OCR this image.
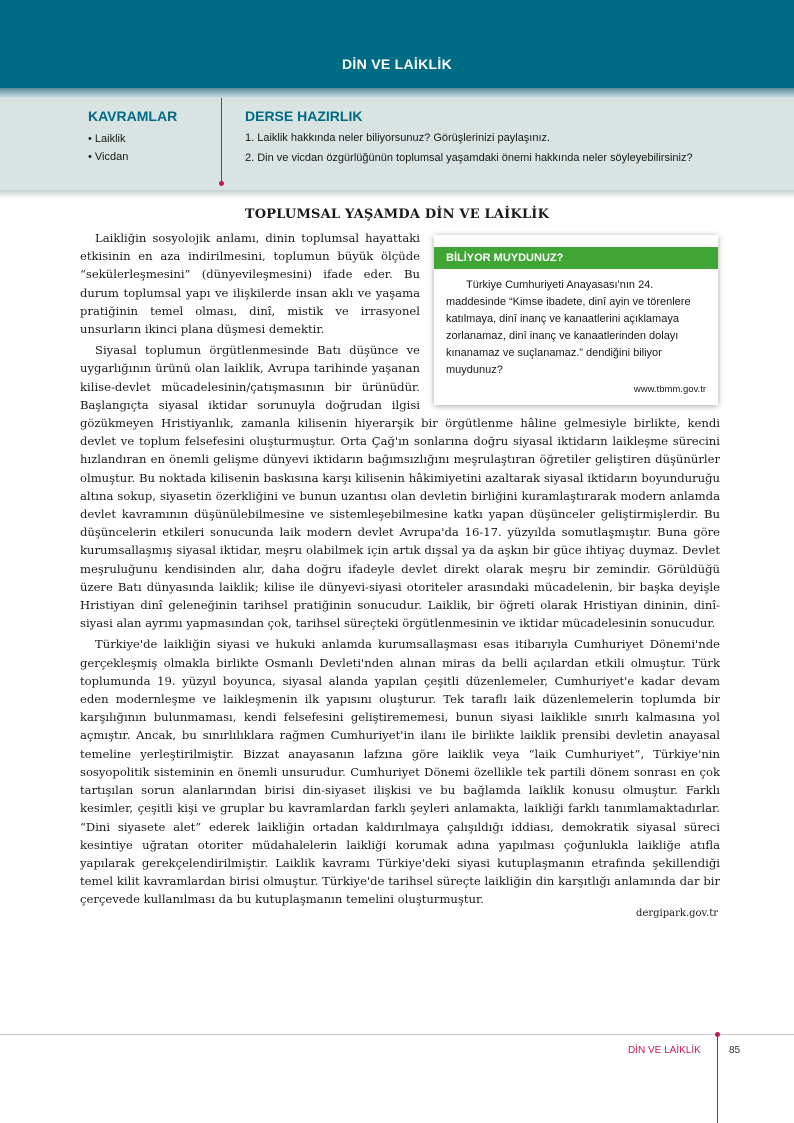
DİN VE LAİKLİK
KAVRAMLAR
• Laiklik
• Vicdan
DERSE HAZIRLIK
1. Laiklik hakkında neler biliyorsunuz? Görüşlerinizi paylaşınız.
2. Din ve vicdan özgürlüğünün toplumsal yaşamdaki önemi hakkında neler söyleyebilirsiniz?
TOPLUMSAL YAŞAMDA DİN VE LAİKLİK
BİLİYOR MUYDUNUZ?
Türkiye Cumhuriyeti Anayasası'nın 24. maddesinde “Kimse ibadete, dinî ayin ve törenlere katılmaya, dinî inanç ve kanaatlerini açıklamaya zorlanamaz, dinî inanç ve kanaatlerinden dolayı kınanamaz ve suçlanamaz.” dendiğini biliyor muydunuz?
www.tbmm.gov.tr

Laikliğin sosyolojik anlamı, dinin toplumsal hayattaki etkisinin en aza indirilmesini, toplumun büyük ölçüde “sekülerleşmesini” (dünyevileşmesini) ifade eder. Bu durum toplumsal yapı ve ilişkilerde insan aklı ve yaşama pratiğinin temel olması, dinî, mistik ve irrasyonel unsurların ikinci plana düşmesi demektir.

Siyasal toplumun örgütlenmesinde Batı düşünce ve uygarlığının ürünü olan laiklik, Avrupa tarihinde yaşanan kilise-devlet mücadelesinin/çatışmasının bir ürünüdür. Başlangıçta siyasal iktidar sorunuyla doğrudan ilgisi gözükmeyen Hristiyanlık, zamanla kilisenin hiyerarşik bir örgütlenme hâline gelmesiyle birlikte, kendi devlet ve toplum felsefesini oluşturmuştur. Orta Çağ'ın sonlarına doğru siyasal iktidarın laikleşme sürecini hızlandıran en önemli gelişme dünyevi iktidarın bağımsızlığını meşrulaştıran öğretiler geliştiren düşünürler olmuştur. Bu noktada kilisenin baskısına karşı kilisenin hâkimiyetini azaltarak siyasal iktidarın boyunduruğu altına sokup, siyasetin özerkliğini ve bunun uzantısı olan devletin birliğini kuramlaştırarak modern anlamda devlet kavramının düşünülebilmesine ve sistemleşebilmesine katkı yapan düşünceler geliştirmişlerdir. Bu düşüncelerin etkileri sonucunda laik modern devlet Avrupa'da 16-17. yüzyılda somutlaşmıştır. Buna göre kurumsallaşmış siyasal iktidar, meşru olabilmek için artık dışsal ya da aşkın bir güce ihtiyaç duymaz. Devlet meşruluğunu kendisinden alır, daha doğru ifadeyle devlet direkt olarak meşru bir zemindir. Görüldüğü üzere Batı dünyasında laiklik; kilise ile dünyevi-siyasi otoriteler arasındaki mücadelenin, bir başka deyişle Hristiyan dinî geleneğinin tarihsel pratiğinin sonucudur. Laiklik, bir öğreti olarak Hristiyan dininin, dinî-siyasi alan ayrımı yapmasından çok, tarihsel süreçteki örgütlenmesinin ve iktidar mücadelesinin sonucudur.

Türkiye'de laikliğin siyasi ve hukuki anlamda kurumsallaşması esas itibarıyla Cumhuriyet Dönemi'nde gerçekleşmiş olmakla birlikte Osmanlı Devleti'nden alınan miras da belli açılardan etkili olmuştur. Türk toplumunda 19. yüzyıl boyunca, siyasal alanda yapılan çeşitli düzenlemeler, Cumhuriyet'e kadar devam eden modernleşme ve laikleşmenin ilk yapısını oluşturur. Tek taraflı laik düzenlemelerin toplumda bir karşılığının bulunmaması, kendi felsefesini geliştirememesi, bunun siyasi laiklikle sınırlı kalmasına yol açmıştır. Ancak, bu sınırlılıklara rağmen Cumhuriyet'in ilanı ile birlikte laiklik prensibi devletin anayasal temeline yerleştirilmiştir. Bizzat anayasanın lafzına göre laiklik veya “laik Cumhuriyet”, Türkiye'nin sosyopolitik sisteminin en önemli unsurudur. Cumhuriyet Dönemi özellikle tek partili dönem sonrası en çok tartışılan sorun alanlarından birisi din-siyaset ilişkisi ve bu bağlamda laiklik konusu olmuştur. Farklı kesimler, çeşitli kişi ve gruplar bu kavramlardan farklı şeyleri anlamakta, laikliği farklı tanımlamaktadırlar. “Dini siyasete alet” ederek laikliğin ortadan kaldırılmaya çalışıldığı iddiası, demokratik siyasal süreci kesintiye uğratan otoriter müdahalelerin laikliği korumak adına yapılması çoğunlukla laikliğe atıfla yapılarak gerekçelendirilmiştir. Laiklik kavramı Türkiye'deki siyasi kutuplaşmanın etrafında şekillendiği temel kilit kavramlardan birisi olmuştur. Türkiye'de tarihsel süreçte laikliğin din karşıtlığı anlamında dar bir çerçevede kullanılması da bu kutuplaşmanın temelini oluşturmuştur.

dergipark.gov.tr
DİN VE LAİKLİK	85
